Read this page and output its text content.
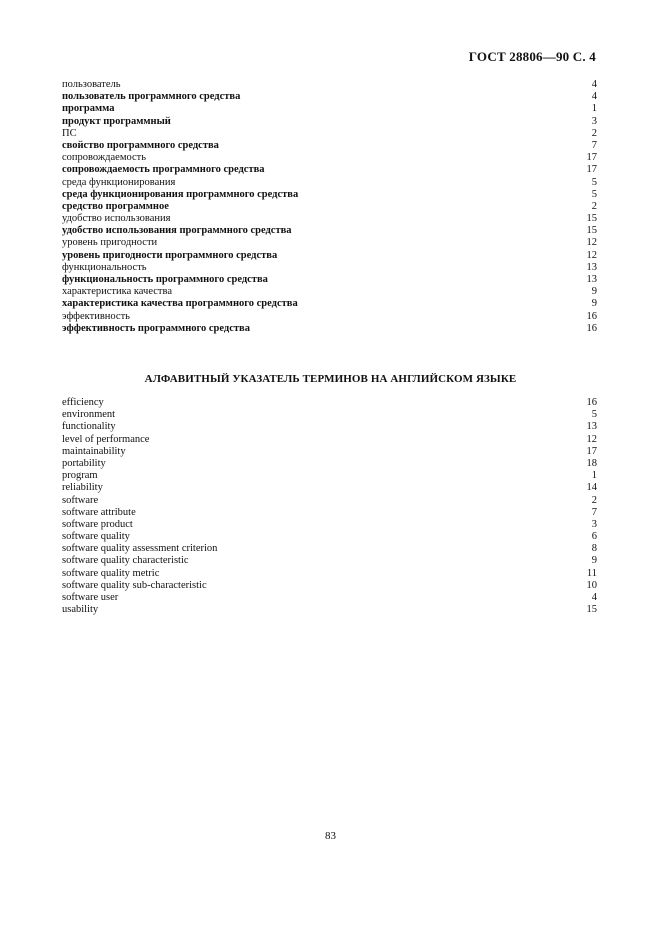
ГОСТ 28806—90 С. 4
пользователь	4
пользователь программного средства	4
программа	1
продукт программный	3
ПС	2
свойство программного средства	7
сопровождаемость	17
сопровождаемость программного средства	17
среда функционирования	5
среда функционирования программного средства	5
средство программное	2
удобство использования	15
удобство использования программного средства	15
уровень пригодности	12
уровень пригодности программного средства	12
функциональность	13
функциональность программного средства	13
характеристика качества	9
характеристика качества программного средства	9
эффективность	16
эффективность программного средства	16
АЛФАВИТНЫЙ УКАЗАТЕЛЬ ТЕРМИНОВ НА АНГЛИЙСКОМ ЯЗЫКЕ
efficiency	16
environment	5
functionality	13
level of performance	12
maintainability	17
portability	18
program	1
reliability	14
software	2
software attribute	7
software product	3
software quality	6
software quality assessment criterion	8
software quality characteristic	9
software quality metric	11
software quality sub-characteristic	10
software user	4
usability	15
83
